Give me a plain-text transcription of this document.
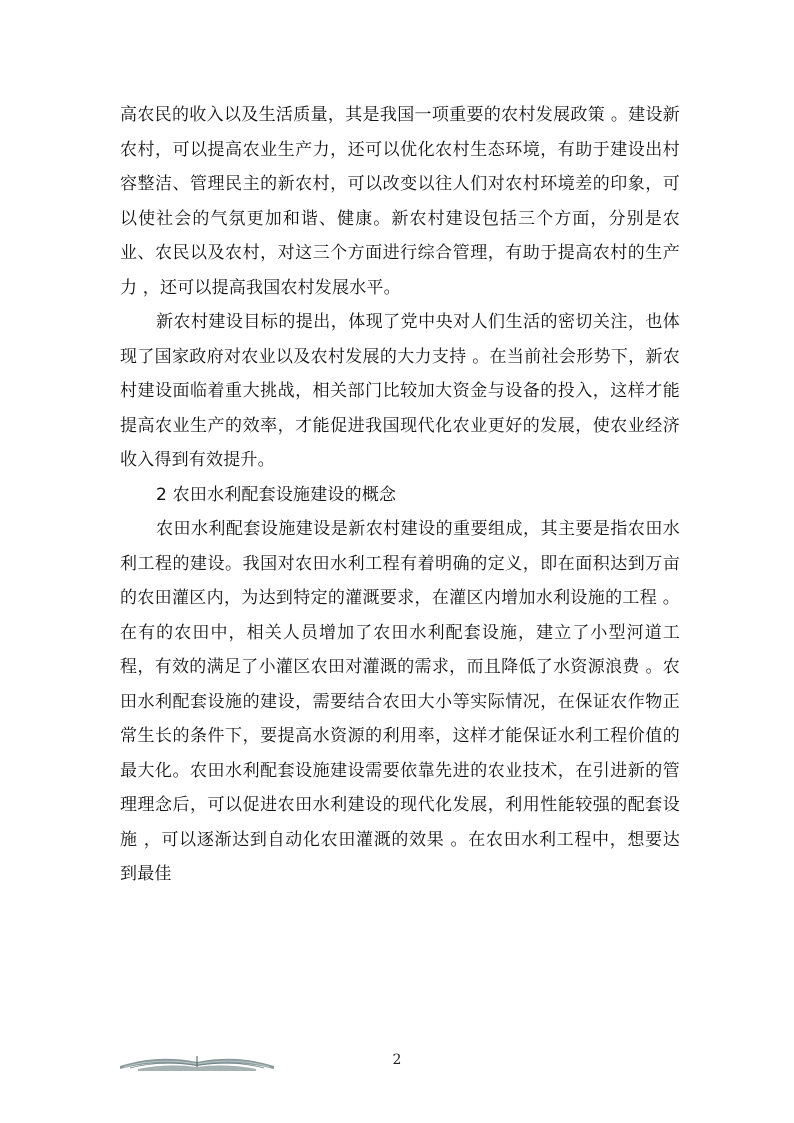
高农民的收入以及生活质量，其是我国一项重要的农村发展政策 。建设新农村，可以提高农业生产力，还可以优化农村生态环境，有助于建设出村容整洁、管理民主的新农村，可以改变以往人们对农村环境差的印象，可以使社会的气氛更加和谐、健康。新农村建设包括三个方面，分别是农业、农民以及农村，对这三个方面进行综合管理，有助于提高农村的生产力 ，还可以提高我国农村发展水平。

新农村建设目标的提出，体现了党中央对人们生活的密切关注，也体现了国家政府对农业以及农村发展的大力支持 。在当前社会形势下，新农村建设面临着重大挑战，相关部门比较加大资金与设备的投入，这样才能提高农业生产的效率，才能促进我国现代化农业更好的发展，使农业经济收入得到有效提升。

2 农田水利配套设施建设的概念

农田水利配套设施建设是新农村建设的重要组成，其主要是指农田水利工程的建设。我国对农田水利工程有着明确的定义，即在面积达到万亩的农田灌区内，为达到特定的灌溉要求，在灌区内增加水利设施的工程 。在有的农田中，相关人员增加了农田水利配套设施，建立了小型河道工程，有效的满足了小灌区农田对灌溉的需求，而且降低了水资源浪费 。农田水利配套设施的建设，需要结合农田大小等实际情况，在保证农作物正常生长的条件下，要提高水资源的利用率，这样才能保证水利工程价值的最大化。农田水利配套设施建设需要依靠先进的农业技术，在引进新的管理理念后，可以促进农田水利建设的现代化发展，利用性能较强的配套设施 ，可以逐渐达到自动化农田灌溉的效果 。在农田水利工程中，想要达到最佳

2
